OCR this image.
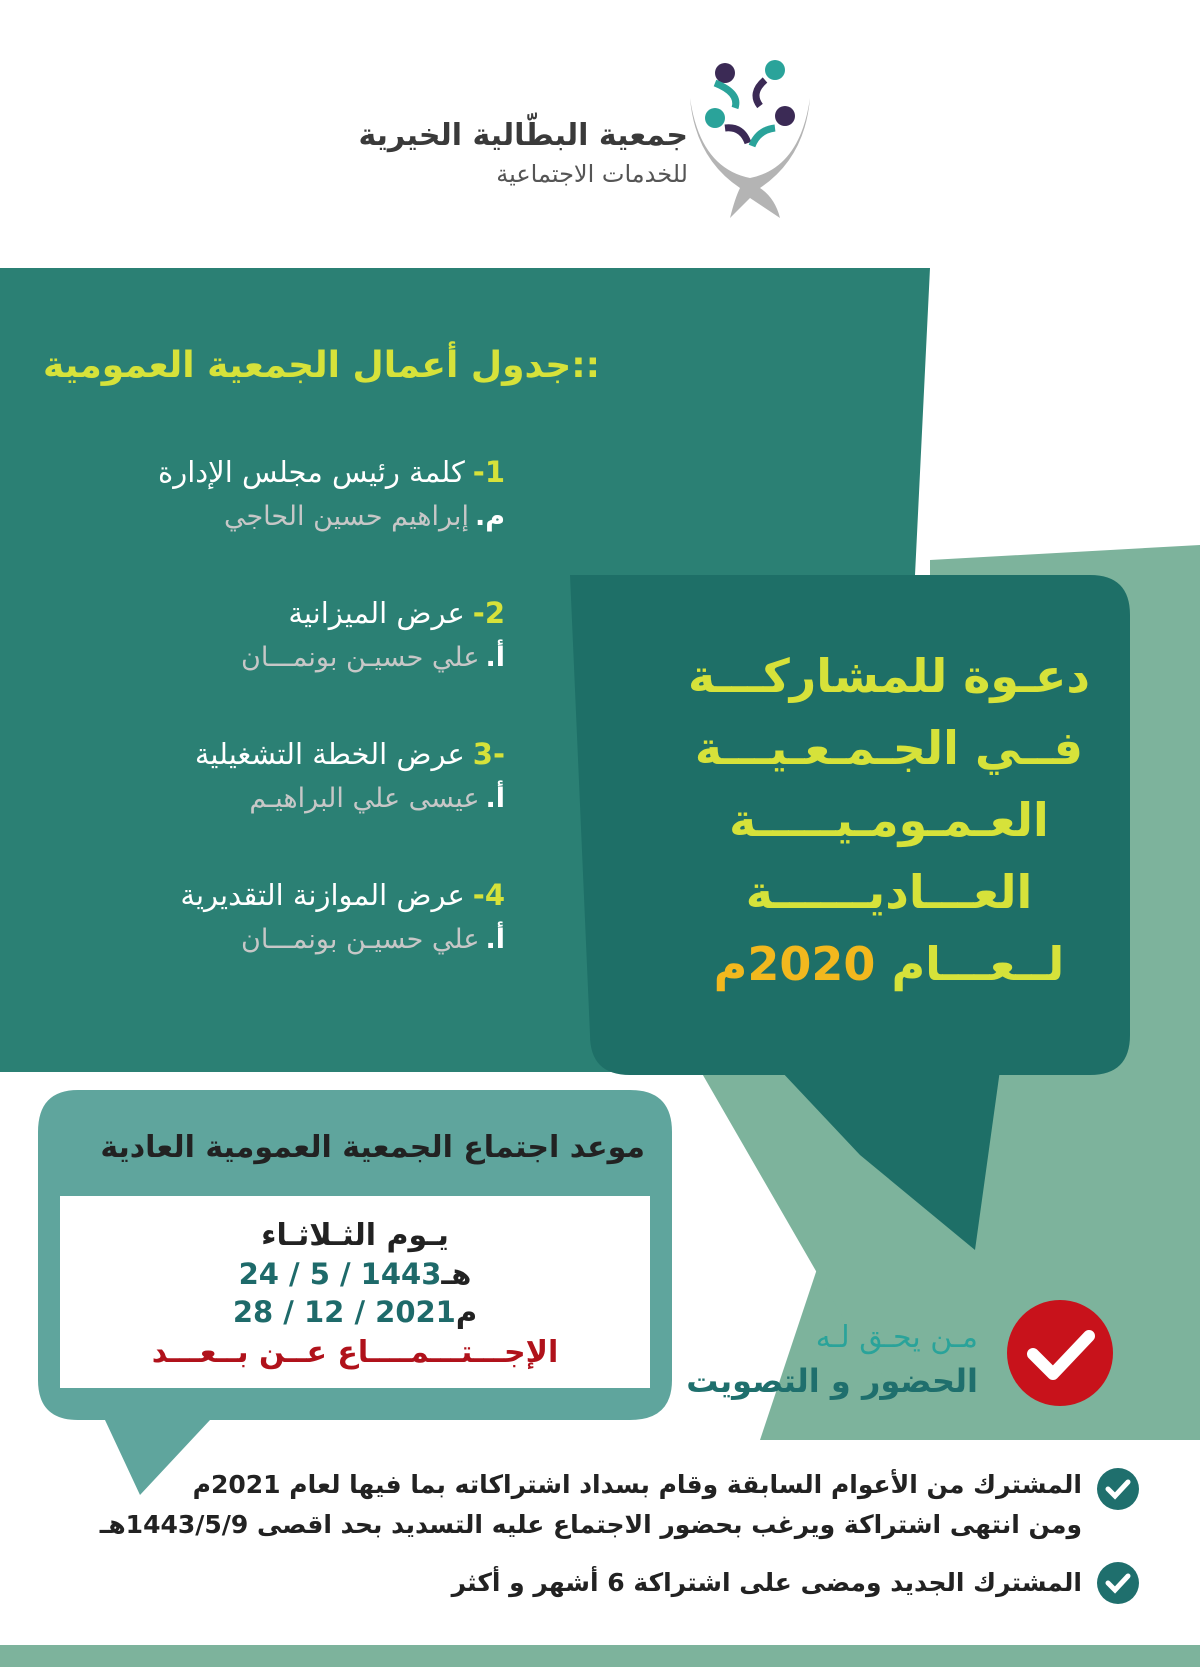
جمعية البطّالية الخيرية
للخدمات الاجتماعية
::جدول أعمال الجمعية العمومية
1-كلمة رئيس مجلس الإدارة
م.إبراهيم حسين الحاجي
2-عرض الميزانية
أ.علي حسيـن بونمـــان
-3عرض الخطة التشغيلية
أ.عيسى علي البراهيـم
4-عرض الموازنة التقديرية
أ.علي حسيـن بونمـــان
دعـوة للمشاركـــة
فــي الجـمـعـيـــة
العـمـومـيـــــة
العـــاديــــــة
لــعـــام 2020م
موعد اجتماع الجمعية العمومية العادية
يـوم الثـلاثـاء
24 / 5 / 1443هـ
28 / 12 / 2021م
الإجـــتـــمــــاع عــن بــعـــد	مـن يحـق لـه
الحضور و التصويت
المشترك من الأعوام السابقة وقام بسداد اشتراكاته بما فيها لعام 2021م
ومن انتهى اشتراكة ويرغب بحضور الاجتماع عليه التسديد بحد اقصى 1443/5/9هـ
المشترك الجديد ومضى على اشتراكة 6 أشهر و أكثر
